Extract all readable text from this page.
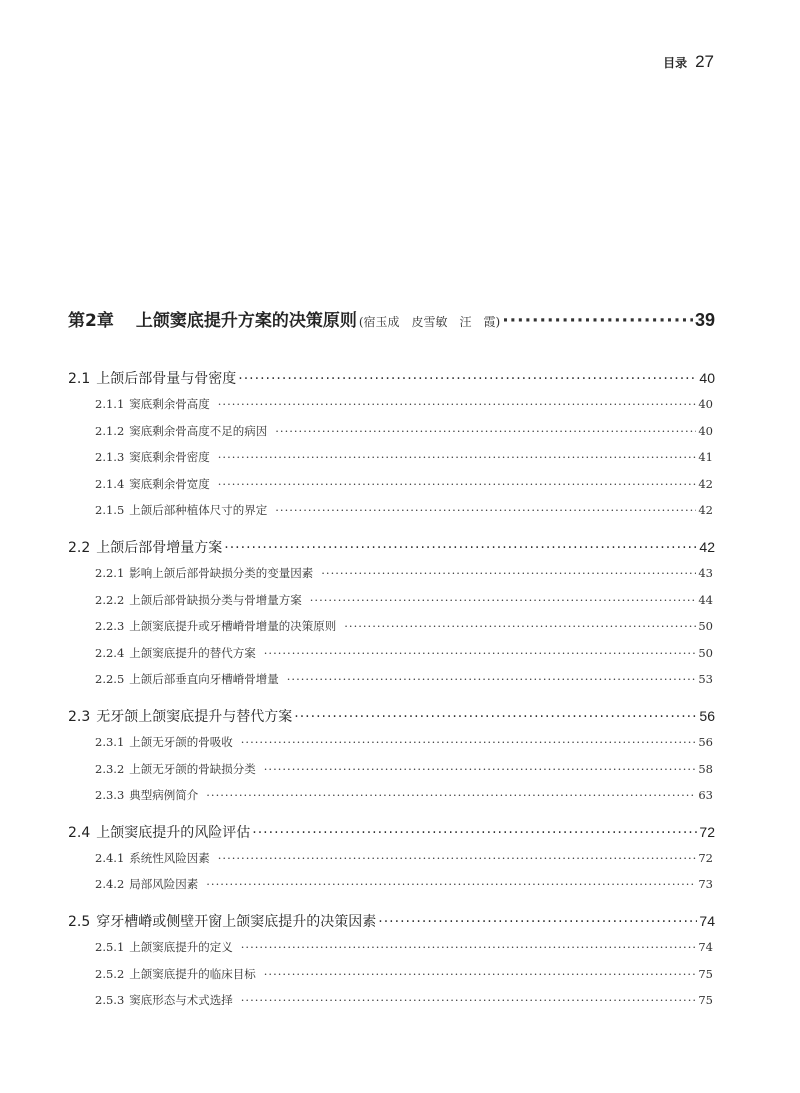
目录 27
第2章 上颌窦底提升方案的决策原则 (宿玉成　皮雪敏　汪　霞) ·····	39
2.1 上颌后部骨量与骨密度 ·····	40
2.1.1 窦底剩余骨高度 ·····	40
2.1.2 窦底剩余骨高度不足的病因 ·····	40
2.1.3 窦底剩余骨密度 ·····	41
2.1.4 窦底剩余骨宽度 ·····	42
2.1.5 上颌后部种植体尺寸的界定 ·····	42
2.2 上颌后部骨增量方案 ·····	42
2.2.1 影响上颌后部骨缺损分类的变量因素 ·····	43
2.2.2 上颌后部骨缺损分类与骨增量方案 ·····	44
2.2.3 上颌窦底提升或牙槽嵴骨增量的决策原则 ·····	50
2.2.4 上颌窦底提升的替代方案 ·····	50
2.2.5 上颌后部垂直向牙槽嵴骨增量 ·····	53
2.3 无牙颌上颌窦底提升与替代方案 ·····	56
2.3.1 上颌无牙颌的骨吸收 ·····	56
2.3.2 上颌无牙颌的骨缺损分类 ·····	58
2.3.3 典型病例简介 ·····	63
2.4 上颌窦底提升的风险评估 ·····	72
2.4.1 系统性风险因素 ·····	72
2.4.2 局部风险因素 ·····	73
2.5 穿牙槽嵴或侧壁开窗上颌窦底提升的决策因素 ·····	74
2.5.1 上颌窦底提升的定义 ·····	74
2.5.2 上颌窦底提升的临床目标 ·····	75
2.5.3 窦底形态与术式选择 ·····	75
